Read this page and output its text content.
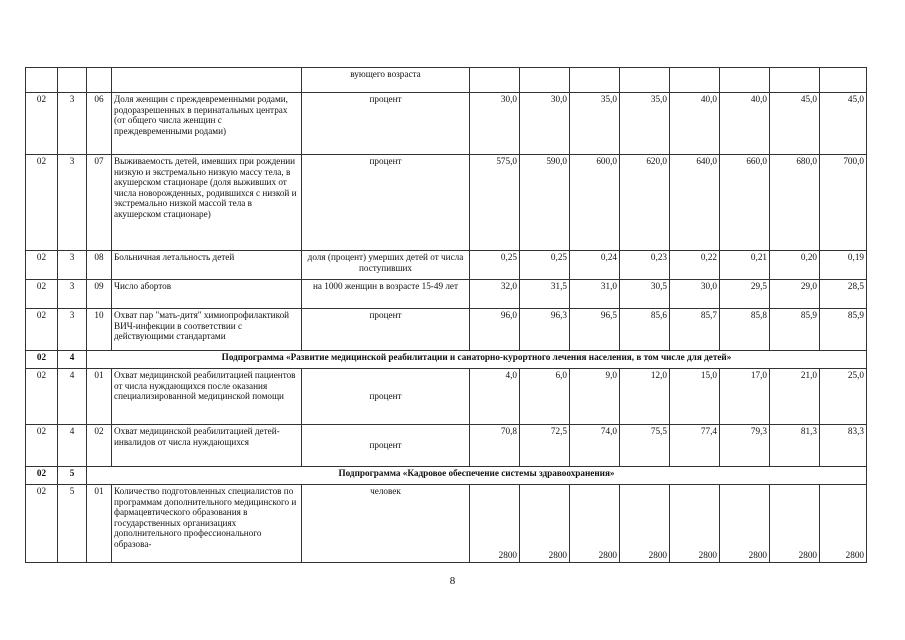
				вующего возраста								
02	3	06	Доля женщин с преждевременными родами, родоразрешенных в перинатальных центрах (от общего числа женщин с преждевременными родами)	процент	30,0	30,0	35,0	35,0	40,0	40,0	45,0	45,0
02	3	07	Выживаемость детей, имевших при рождении низкую и экстремально низкую массу тела, в акушерском стационаре (доля выживших от числа новорожденных, родившихся с низкой и экстремально низкой массой тела в акушерском стационаре)	процент	575,0	590,0	600,0	620,0	640,0	660,0	680,0	700,0
02	3	08	Больничная летальность детей	доля (процент) умерших детей от числа поступивших	0,25	0,25	0,24	0,23	0,22	0,21	0,20	0,19
02	3	09	Число абортов	на 1000 женщин в возрасте 15-49 лет	32,0	31,5	31,0	30,5	30,0	29,5	29,0	28,5
02	3	10	Охват пар "мать-дитя" химиопрофилактикой ВИЧ-инфекции в соответствии с действующими стандартами	процент	96,0	96,3	96,5	85,6	85,7	85,8	85,9	85,9
02	4	Подпрограмма «Развитие медицинской реабилитации и санаторно-курортного лечения населения, в том числе для детей»										
02	4	01	Охват медицинской реабилитацией пациентов от числа нуждающихся после оказания специализированной медицинской помощи	процент	4,0	6,0	9,0	12,0	15,0	17,0	21,0	25,0
02	4	02	Охват медицинской реабилитацией детей-инвалидов от числа нуждающихся	процент	70,8	72,5	74,0	75,5	77,4	79,3	81,3	83,3
02	5	Подпрограмма «Кадровое обеспечение системы здравоохранения»										
02	5	01	Количество подготовленных специалистов по программам дополнительного медицинского и фармацевтического образования в государственных организациях дополнительного профессионального образова-	человек	2800	2800	2800	2800	2800	2800	2800	2800
8
